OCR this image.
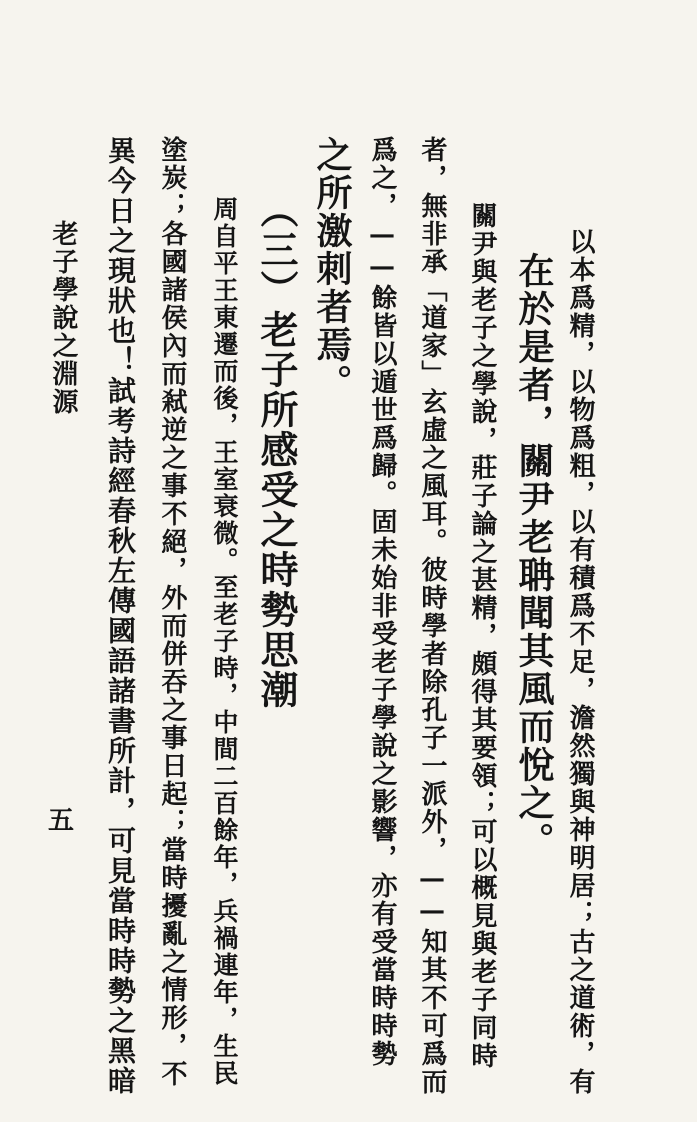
以本爲精，以物爲粗，以有積爲不足，澹然獨與神明居；古之道術，有
在於是者，關尹老聃聞其風而悅之。
關尹與老子之學說，莊子論之甚精，頗得其要領；可以概見與老子同時
者，無非承「道家」玄虛之風耳。彼時學者除孔子一派外，——知其不可爲而
爲之，——餘皆以遁世爲歸。固未始非受老子學說之影響，亦有受當時時勢
之所激刺者焉。
（三）老子所感受之時勢思潮
周自平王東遷而後，王室衰微。至老子時，中間二百餘年，兵禍連年，生民
塗炭；各國諸侯內而弒逆之事不絕，外而併吞之事日起；當時擾亂之情形，不
異今日之現狀也！試考詩經春秋左傳國語諸書所計，可見當時時勢之黑暗
老子學說之淵源
五
